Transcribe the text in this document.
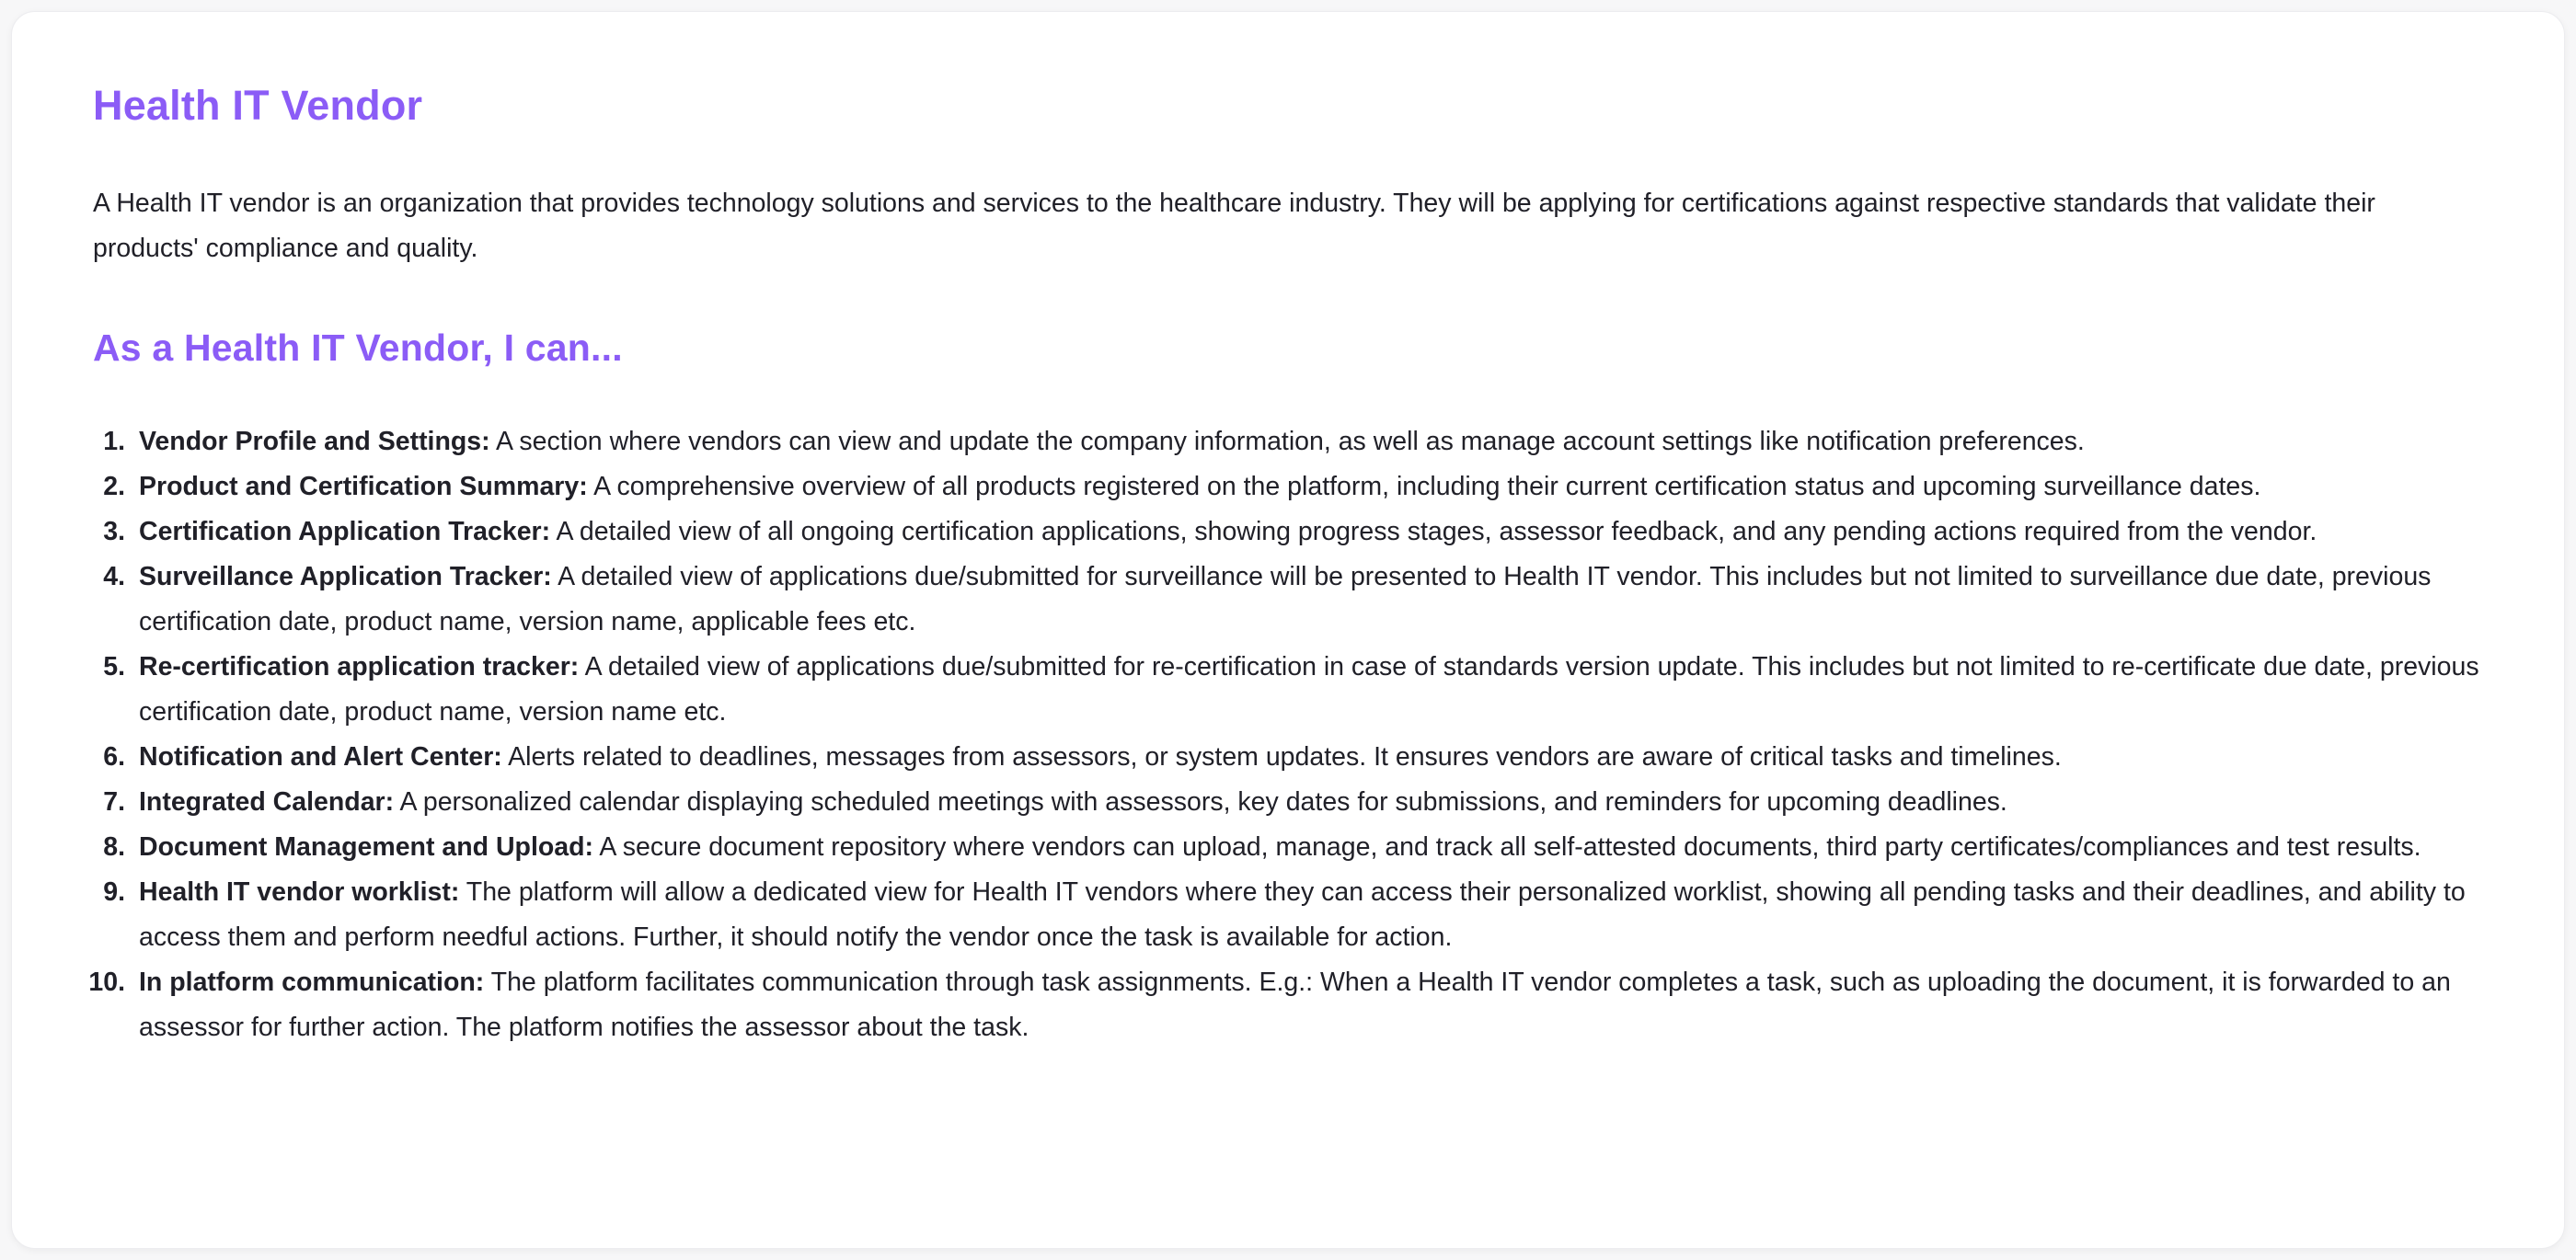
Health IT Vendor

A Health IT vendor is an organization that provides technology solutions and services to the healthcare industry. They will be applying for certifications against respective standards that validate their products' compliance and quality.

As a Health IT Vendor, I can...
1. Vendor Profile and Settings: A section where vendors can view and update the company information, as well as manage account settings like notification preferences.
2. Product and Certification Summary: A comprehensive overview of all products registered on the platform, including their current certification status and upcoming surveillance dates.
3. Certification Application Tracker: A detailed view of all ongoing certification applications, showing progress stages, assessor feedback, and any pending actions required from the vendor.
4. Surveillance Application Tracker: A detailed view of applications due/submitted for surveillance will be presented to Health IT vendor. This includes but not limited to surveillance due date, previous certification date, product name, version name, applicable fees etc.
5. Re-certification application tracker: A detailed view of applications due/submitted for re-certification in case of standards version update. This includes but not limited to re-certificate due date, previous certification date, product name, version name etc.
6. Notification and Alert Center: Alerts related to deadlines, messages from assessors, or system updates. It ensures vendors are aware of critical tasks and timelines.
7. Integrated Calendar: A personalized calendar displaying scheduled meetings with assessors, key dates for submissions, and reminders for upcoming deadlines.
8. Document Management and Upload: A secure document repository where vendors can upload, manage, and track all self-attested documents, third party certificates/compliances and test results.
9. Health IT vendor worklist: The platform will allow a dedicated view for Health IT vendors where they can access their personalized worklist, showing all pending tasks and their deadlines, and ability to access them and perform needful actions. Further, it should notify the vendor once the task is available for action.
10. In platform communication: The platform facilitates communication through task assignments. E.g.: When a Health IT vendor completes a task, such as uploading the document, it is forwarded to an assessor for further action. The platform notifies the assessor about the task.
